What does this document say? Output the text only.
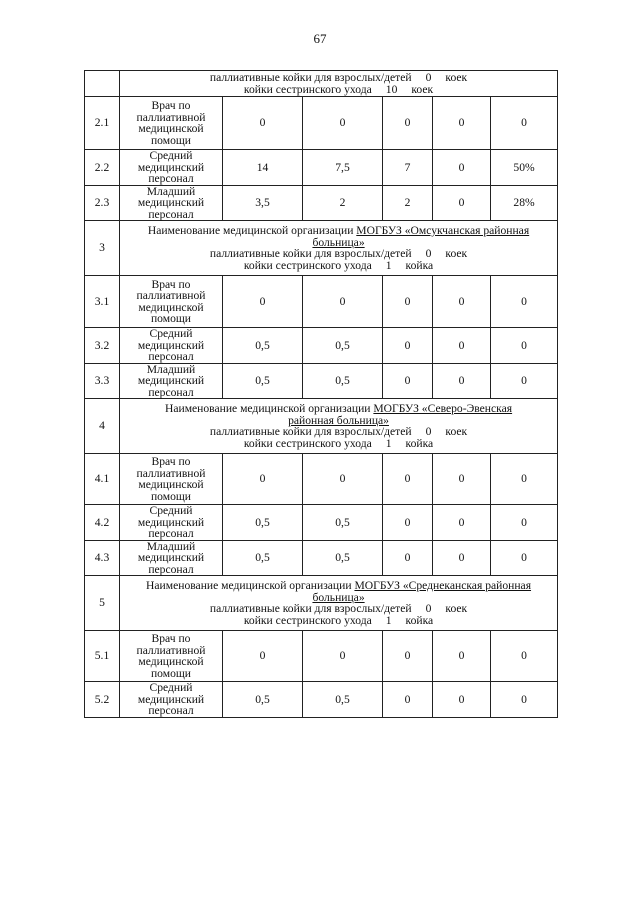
67

	паллиативные койки для взрослых/детей 0 коек
койки сестринского ухода 10 коек					

2.1	Врач по
паллиативной
медицинской
помощи	0	0	0	0	0
2.2	Средний
медицинский
персонал	14	7,5	7	0	50%
2.3	Младший
медицинский
персонал	3,5	2	2	0	28%
3	Наименование медицинской организации МОГБУЗ «Омсукчанская районная
больница»
паллиативные койки для взрослых/детей 0 коек
койки сестринского ухода 1 койка					

3.1	Врач по
паллиативной
медицинской
помощи	0	0	0	0	0
3.2	Средний
медицинский
персонал	0,5	0,5	0	0	0
3.3	Младший
медицинский
персонал	0,5	0,5	0	0	0
4	Наименование медицинской организации МОГБУЗ «Северо-Эвенская
районная больница»
паллиативные койки для взрослых/детей 0 коек
койки сестринского ухода 1 койка					

4.1	Врач по
паллиативной
медицинской
помощи	0	0	0	0	0
4.2	Средний
медицинский
персонал	0,5	0,5	0	0	0
4.3	Младший
медицинский
персонал	0,5	0,5	0	0	0
5	Наименование медицинской организации МОГБУЗ «Среднеканская районная
больница»
паллиативные койки для взрослых/детей 0 коек
койки сестринского ухода 1 койка					

5.1	Врач по
паллиативной
медицинской
помощи	0	0	0	0	0
5.2	Средний
медицинский
персонал	0,5	0,5	0	0	0
